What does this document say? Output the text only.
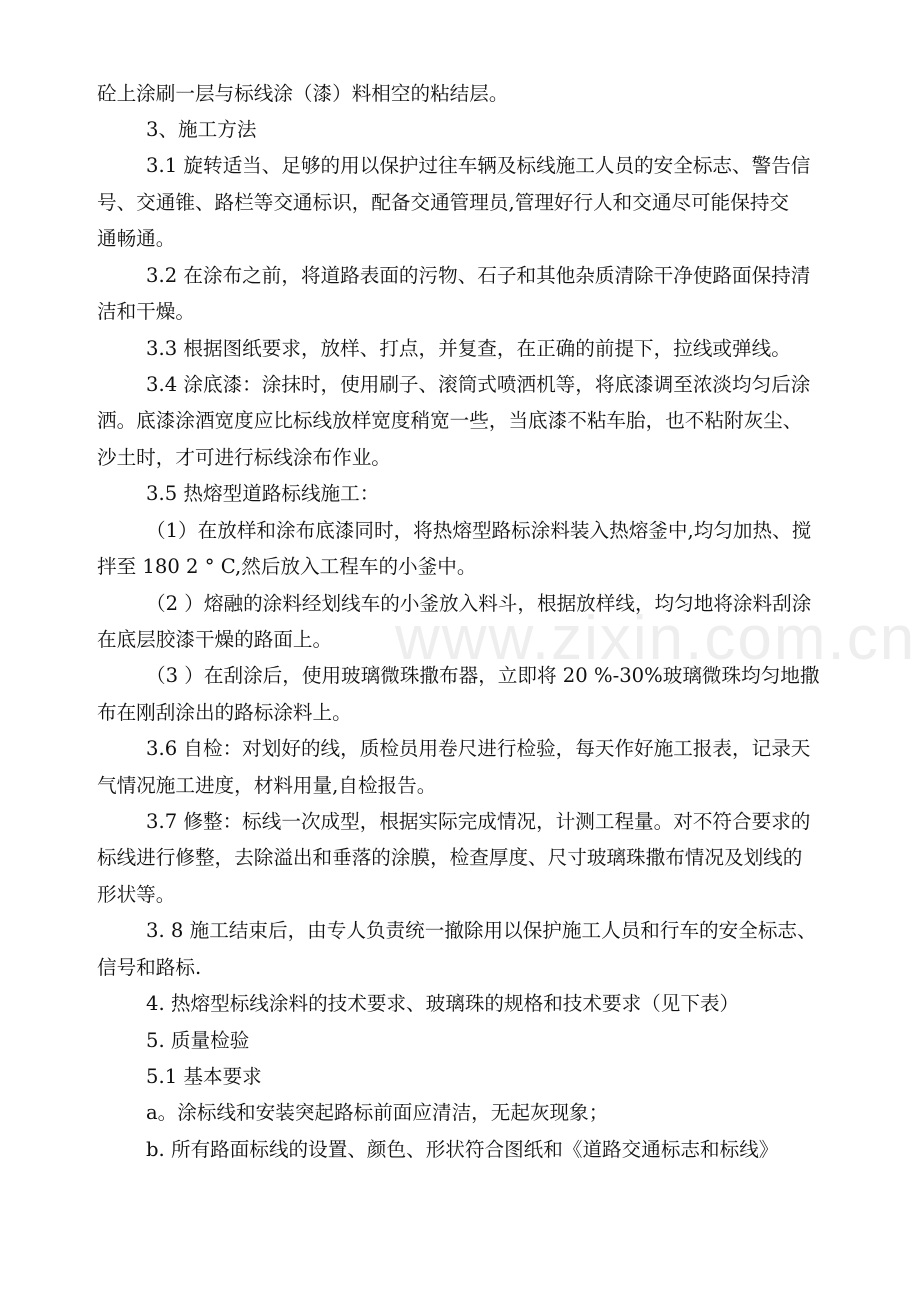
www.zixin.com.cn
砼上涂刷一层与标线涂（漆）料相空的粘结层。
3、施工方法
3.1 旋转适当、足够的用以保护过往车辆及标线施工人员的安全标志、警告信
号、交通锥、路栏等交通标识，配备交通管理员,管理好行人和交通尽可能保持交
通畅通。
3.2 在涂布之前，将道路表面的污物、石子和其他杂质清除干净使路面保持清
洁和干燥。
3.3 根据图纸要求，放样、打点，并复查，在正确的前提下，拉线或弹线。
3.4 涂底漆：涂抹时，使用刷子、滚筒式喷洒机等，将底漆调至浓淡均匀后涂
洒。底漆涂酒宽度应比标线放样宽度稍宽一些，当底漆不粘车胎，也不粘附灰尘、
沙土时，才可进行标线涂布作业。
3.5 热熔型道路标线施工：
（1）在放样和涂布底漆同时，将热熔型路标涂料装入热熔釜中,均匀加热、搅
拌至 180 2 ° C,然后放入工程车的小釜中。
（2 ）熔融的涂料经划线车的小釜放入料斗，根据放样线，均匀地将涂料刮涂
在底层胶漆干燥的路面上。
（3 ）在刮涂后，使用玻璃微珠撒布器，立即将 20 %-30%玻璃微珠均匀地撒
布在刚刮涂出的路标涂料上。
3.6 自检：对划好的线，质检员用卷尺进行检验，每天作好施工报表，记录天
气情况施工进度，材料用量,自检报告。
3.7 修整：标线一次成型，根据实际完成情况，计测工程量。对不符合要求的
标线进行修整，去除溢出和垂落的涂膜，检查厚度、尺寸玻璃珠撒布情况及划线的
形状等。
3. 8 施工结束后，由专人负责统一撤除用以保护施工人员和行车的安全标志、
信号和路标.
4. 热熔型标线涂料的技术要求、玻璃珠的规格和技术要求（见下表）
5. 质量检验
5.1 基本要求
a。涂标线和安装突起路标前面应清洁，无起灰现象；
b. 所有路面标线的设置、颜色、形状符合图纸和《道路交通标志和标线》
